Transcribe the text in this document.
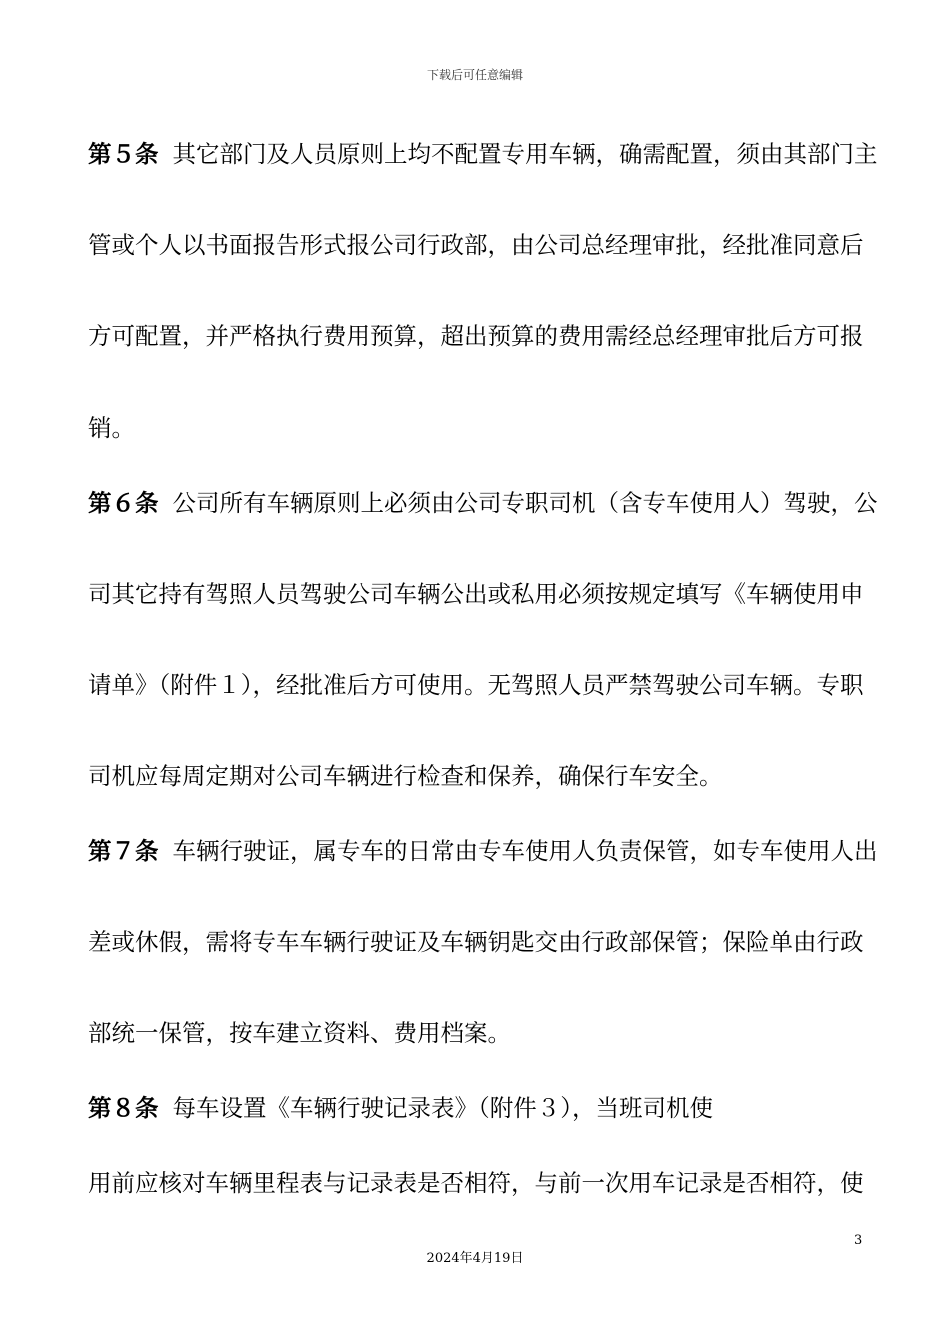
下载后可任意编辑
第５条 其它部门及人员原则上均不配置专用车辆，确需配置，须由其部门主
管或个人以书面报告形式报公司行政部，由公司总经理审批，经批准同意后
方可配置，并严格执行费用预算，超出预算的费用需经总经理审批后方可报
销。
第６条 公司所有车辆原则上必须由公司专职司机（含专车使用人）驾驶，公
司其它持有驾照人员驾驶公司车辆公出或私用必须按规定填写《车辆使用申
请单》（附件１），经批准后方可使用。无驾照人员严禁驾驶公司车辆。专职
司机应每周定期对公司车辆进行检查和保养，确保行车安全。
第７条 车辆行驶证，属专车的日常由专车使用人负责保管，如专车使用人出
差或休假，需将专车车辆行驶证及车辆钥匙交由行政部保管；保险单由行政
部统一保管，按车建立资料、费用档案。
第８条 每车设置《车辆行驶记录表》（附件３），当班司机使
用前应核对车辆里程表与记录表是否相符，与前一次用车记录是否相符，使
3
2024年4月19日
